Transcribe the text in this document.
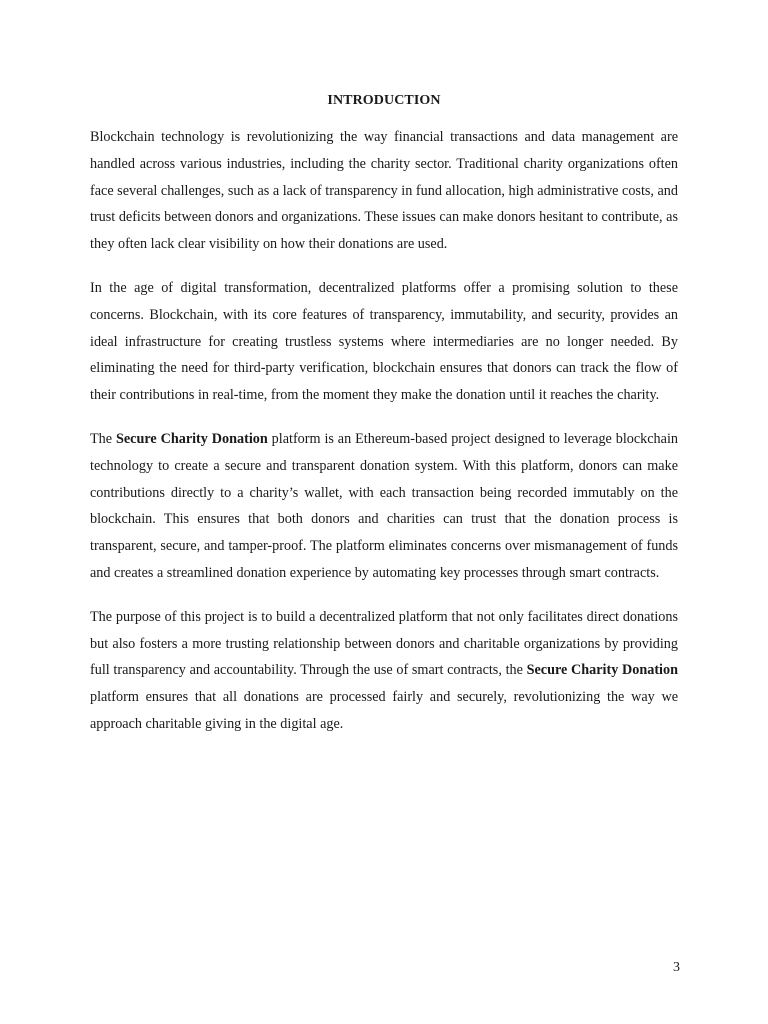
INTRODUCTION

Blockchain technology is revolutionizing the way financial transactions and data management are handled across various industries, including the charity sector. Traditional charity organizations often face several challenges, such as a lack of transparency in fund allocation, high administrative costs, and trust deficits between donors and organizations. These issues can make donors hesitant to contribute, as they often lack clear visibility on how their donations are used.

In the age of digital transformation, decentralized platforms offer a promising solution to these concerns. Blockchain, with its core features of transparency, immutability, and security, provides an ideal infrastructure for creating trustless systems where intermediaries are no longer needed. By eliminating the need for third-party verification, blockchain ensures that donors can track the flow of their contributions in real-time, from the moment they make the donation until it reaches the charity.

The Secure Charity Donation platform is an Ethereum-based project designed to leverage blockchain technology to create a secure and transparent donation system. With this platform, donors can make contributions directly to a charity’s wallet, with each transaction being recorded immutably on the blockchain. This ensures that both donors and charities can trust that the donation process is transparent, secure, and tamper-proof. The platform eliminates concerns over mismanagement of funds and creates a streamlined donation experience by automating key processes through smart contracts.

The purpose of this project is to build a decentralized platform that not only facilitates direct donations but also fosters a more trusting relationship between donors and charitable organizations by providing full transparency and accountability. Through the use of smart contracts, the Secure Charity Donation platform ensures that all donations are processed fairly and securely, revolutionizing the way we approach charitable giving in the digital age.

3
